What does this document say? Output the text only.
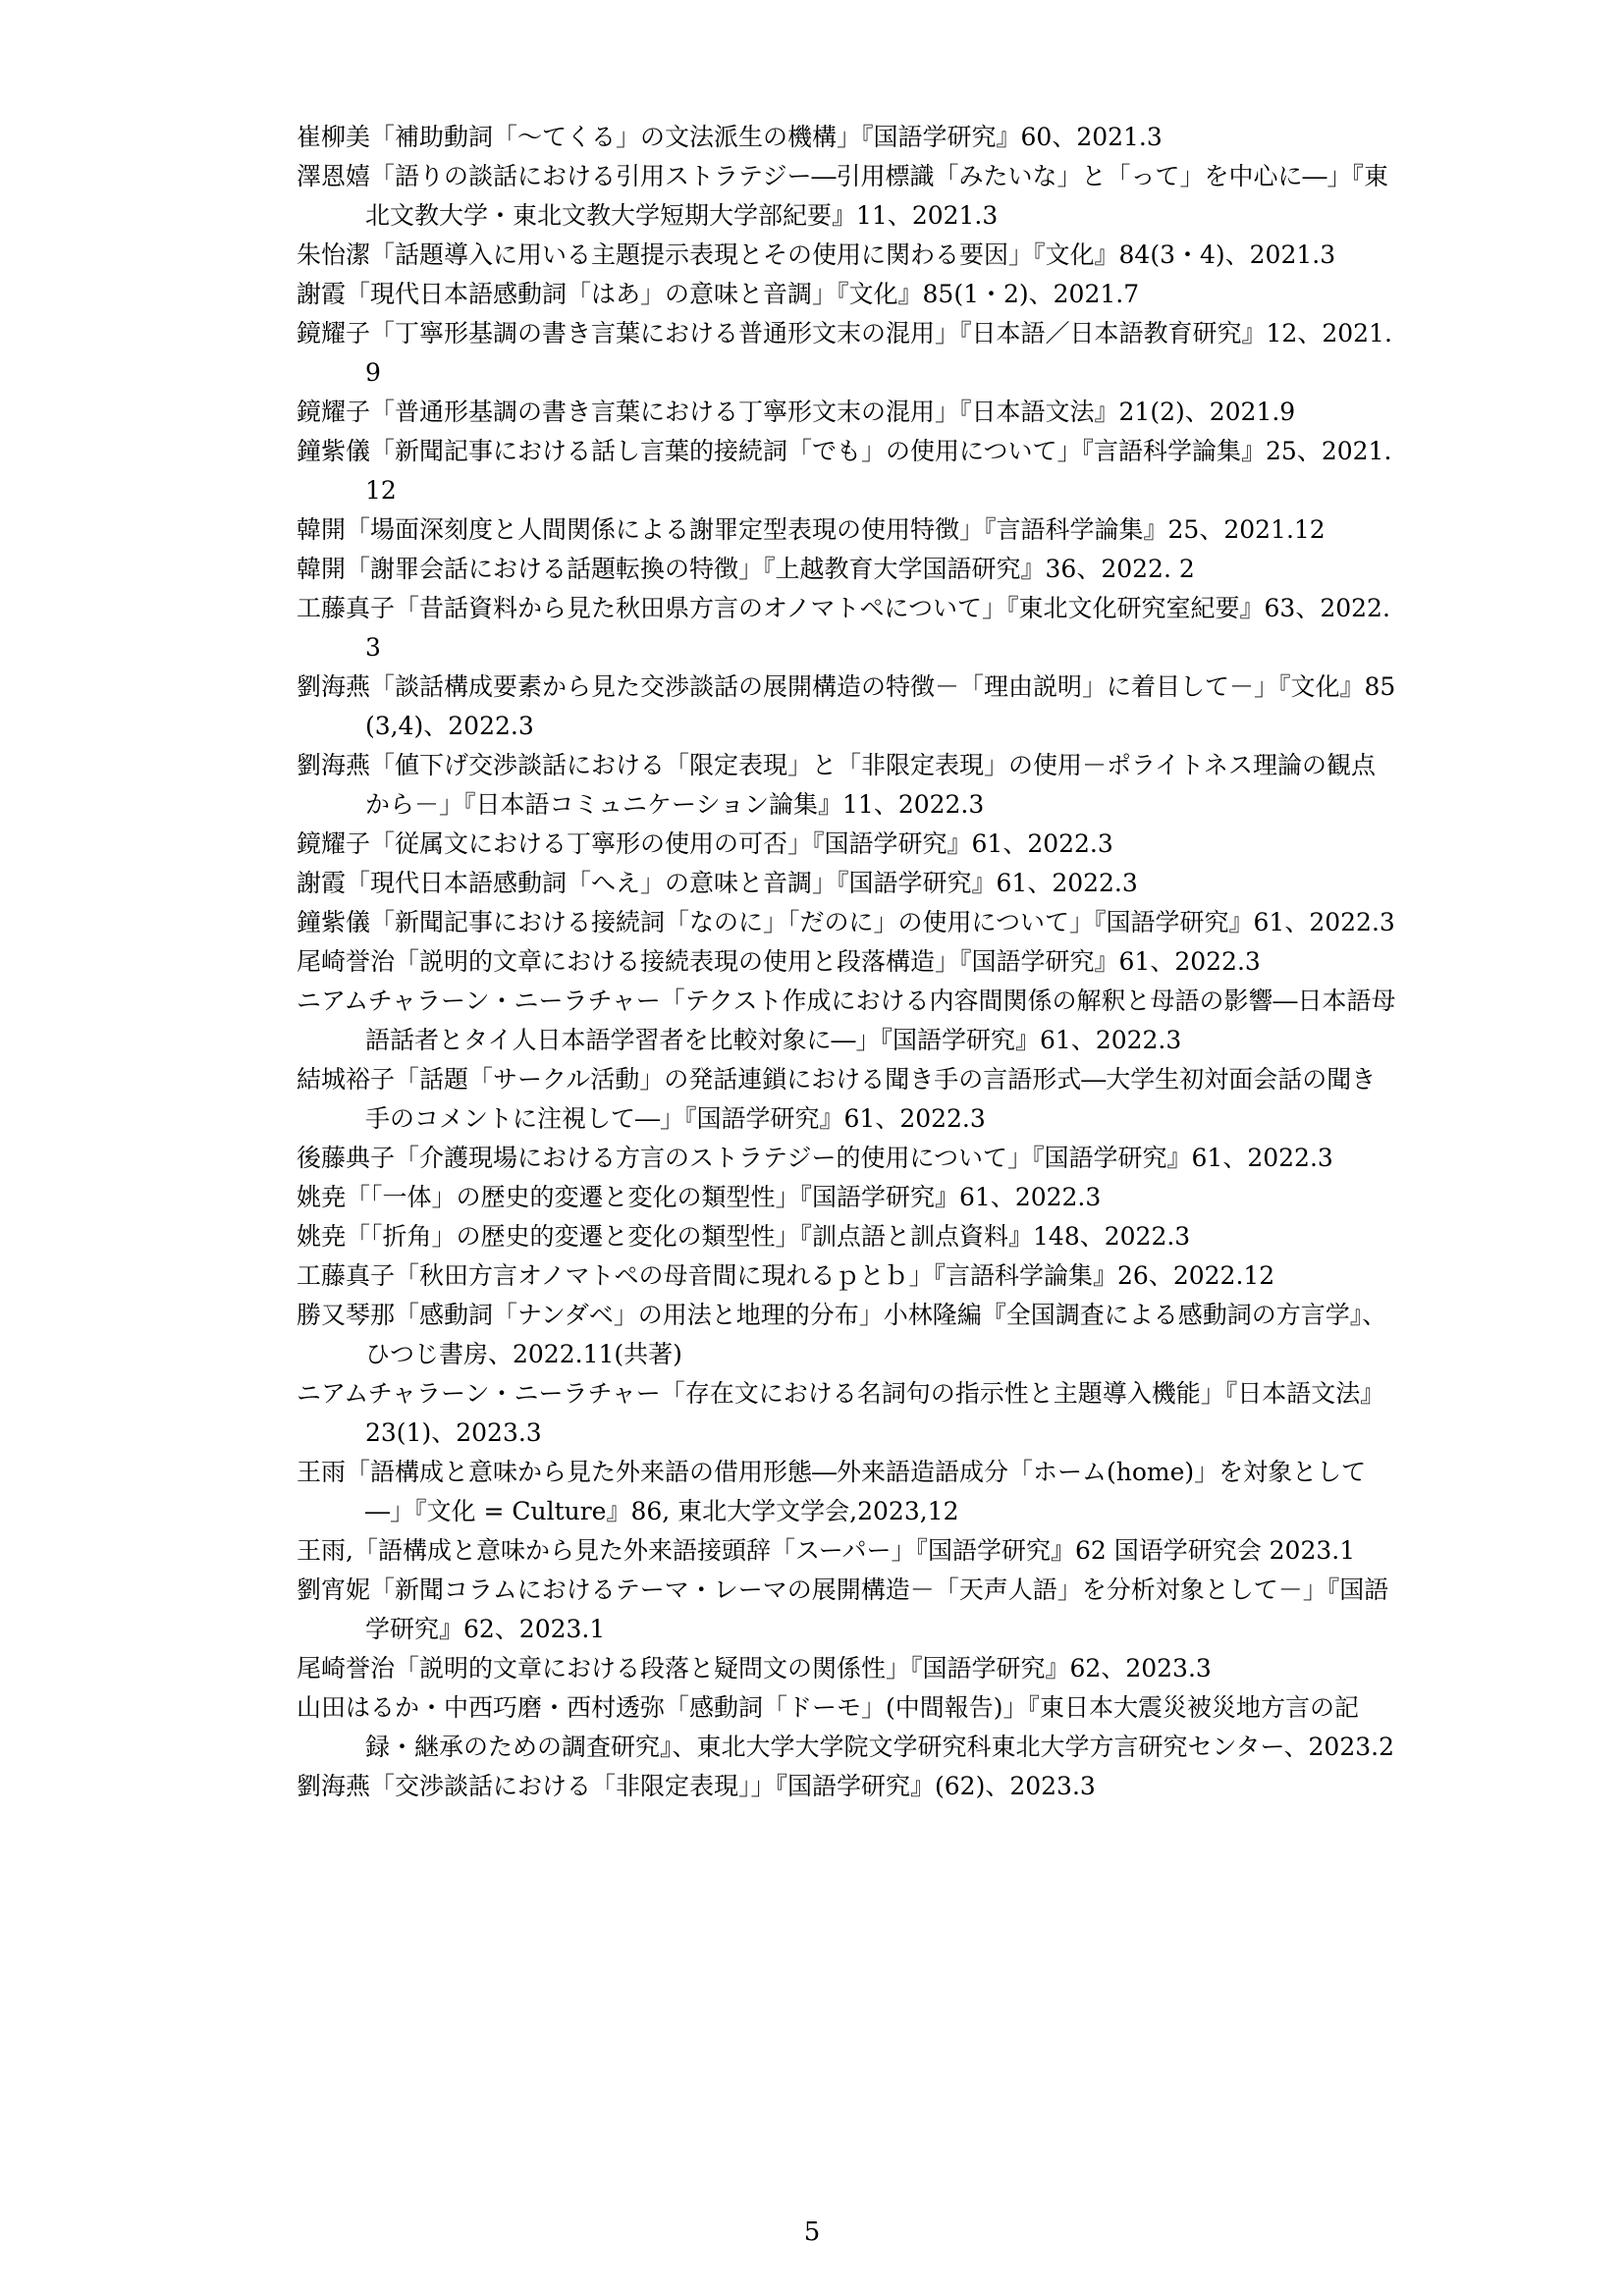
崔柳美「補助動詞「〜てくる」の文法派生の機構」『国語学研究』60、2021.3
澤恩嬉「語りの談話における引用ストラテジー―引用標識「みたいな」と「って」を中心に―」『東北文教大学・東北文教大学短期大学部紀要』11、2021.3
朱怡潔「話題導入に用いる主題提示表現とその使用に関わる要因」『文化』84(3・4)、2021.3
謝霞「現代日本語感動詞「はあ」の意味と音調」『文化』85(1・2)、2021.7
鏡耀子「丁寧形基調の書き言葉における普通形文末の混用」『日本語／日本語教育研究』12、2021.9
鏡耀子「普通形基調の書き言葉における丁寧形文末の混用」『日本語文法』21(2)、2021.9
鐘紫儀「新聞記事における話し言葉的接続詞「でも」の使用について」『言語科学論集』25、2021.12
韓開「場面深刻度と人間関係による謝罪定型表現の使用特徴」『言語科学論集』25、2021.12
韓開「謝罪会話における話題転換の特徴」『上越教育大学国語研究』36、2022. 2
工藤真子「昔話資料から見た秋田県方言のオノマトペについて」『東北文化研究室紀要』63、2022. 3
劉海燕「談話構成要素から見た交渉談話の展開構造の特徴－「理由説明」に着目して－」『文化』85(3,4)、2022.3
劉海燕「値下げ交渉談話における「限定表現」と「非限定表現」の使用－ポライトネス理論の観点から－」『日本語コミュニケーション論集』11、2022.3
鏡耀子「従属文における丁寧形の使用の可否」『国語学研究』61、2022.3
謝霞「現代日本語感動詞「へえ」の意味と音調」『国語学研究』61、2022.3
鐘紫儀「新聞記事における接続詞「なのに」「だのに」の使用について」『国語学研究』61、2022.3
尾崎誉治「説明的文章における接続表現の使用と段落構造」『国語学研究』61、2022.3
ニアムチャラーン・ニーラチャー「テクスト作成における内容間関係の解釈と母語の影響―日本語母語話者とタイ人日本語学習者を比較対象に―」『国語学研究』61、2022.3
結城裕子「話題「サークル活動」の発話連鎖における聞き手の言語形式―大学生初対面会話の聞き手のコメントに注視して―」『国語学研究』61、2022.3
後藤典子「介護現場における方言のストラテジー的使用について」『国語学研究』61、2022.3
姚尭「「一体」の歴史的変遷と変化の類型性」『国語学研究』61、2022.3
姚尭「「折角」の歴史的変遷と変化の類型性」『訓点語と訓点資料』148、2022.3
工藤真子「秋田方言オノマトペの母音間に現れるｐとｂ」『言語科学論集』26、2022.12
勝又琴那「感動詞「ナンダベ」の用法と地理的分布」小林隆編『全国調査による感動詞の方言学』、ひつじ書房、2022.11(共著)
ニアムチャラーン・ニーラチャー「存在文における名詞句の指示性と主題導入機能」『日本語文法』23(1)、2023.3
王雨「語構成と意味から見た外来語の借用形態―外来語造語成分「ホーム(home)」を対象として―」『文化 = Culture』86, 東北大学文学会,2023,12
王雨,「語構成と意味から見た外来語接頭辞「スーパー」『国語学研究』62 国语学研究会 2023.1
劉宵妮「新聞コラムにおけるテーマ・レーマの展開構造－「天声人語」を分析対象として－」『国語学研究』62、2023.1
尾崎誉治「説明的文章における段落と疑問文の関係性」『国語学研究』62、2023.3
山田はるか・中西巧磨・西村透弥「感動詞「ドーモ」(中間報告)」『東日本大震災被災地方言の記録・継承のための調査研究』、東北大学大学院文学研究科東北大学方言研究センター、2023.2
劉海燕「交渉談話における「非限定表現」」『国語学研究』(62)、2023.3
5
